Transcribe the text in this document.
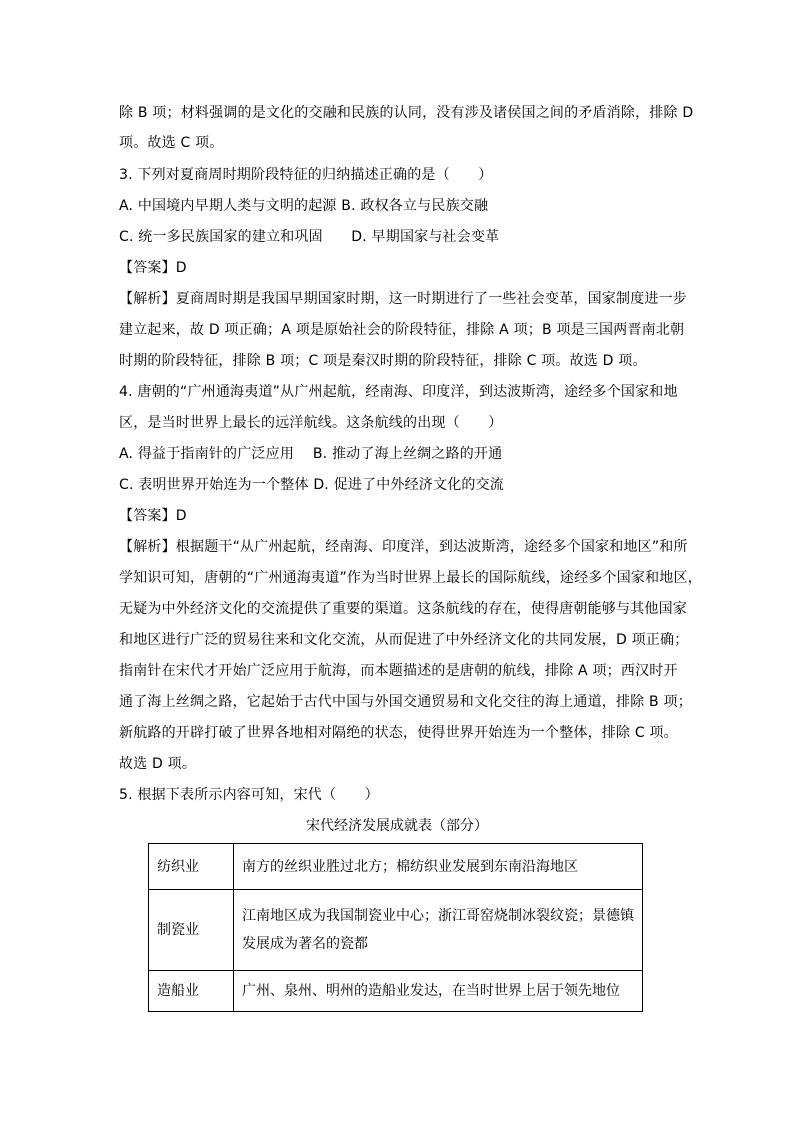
除 B 项；材料强调的是文化的交融和民族的认同，没有涉及诸侯国之间的矛盾消除，排除 D
项。故选 C 项。
3. 下列对夏商周时期阶段特征的归纳描述正确的是（　　）
A. 中国境内早期人类与文明的起源 B. 政权各立与民族交融
C. 统一多民族国家的建立和巩固　　D. 早期国家与社会变革
【答案】D
【解析】夏商周时期是我国早期国家时期，这一时期进行了一些社会变革，国家制度进一步
建立起来，故 D 项正确；A 项是原始社会的阶段特征，排除 A 项；B 项是三国两晋南北朝
时期的阶段特征，排除 B 项；C 项是秦汉时期的阶段特征，排除 C 项。故选 D 项。
4. 唐朝的“广州通海夷道”从广州起航，经南海、印度洋，到达波斯湾，途经多个国家和地
区，是当时世界上最长的远洋航线。这条航线的出现（　　）
A. 得益于指南针的广泛应用　 B. 推动了海上丝绸之路的开通
C. 表明世界开始连为一个整体 D. 促进了中外经济文化的交流
【答案】D
【解析】根据题干“从广州起航，经南海、印度洋，到达波斯湾，途经多个国家和地区”和所
学知识可知，唐朝的“广州通海夷道”作为当时世界上最长的国际航线，途经多个国家和地区，
无疑为中外经济文化的交流提供了重要的渠道。这条航线的存在，使得唐朝能够与其他国家
和地区进行广泛的贸易往来和文化交流，从而促进了中外经济文化的共同发展，D 项正确；
指南针在宋代才开始广泛应用于航海，而本题描述的是唐朝的航线，排除 A 项；西汉时开
通了海上丝绸之路，它起始于古代中国与外国交通贸易和文化交往的海上通道，排除 B 项；
新航路的开辟打破了世界各地相对隔绝的状态，使得世界开始连为一个整体，排除 C 项。
故选 D 项。
5. 根据下表所示内容可知，宋代（　　）
宋代经济发展成就表（部分）
纺织业	南方的丝织业胜过北方；棉纺织业发展到东南沿海地区
制瓷业	江南地区成为我国制瓷业中心；浙江哥窑烧制冰裂纹瓷；景德镇发展成为著名的瓷都
造船业	广州、泉州、明州的造船业发达，在当时世界上居于领先地位
